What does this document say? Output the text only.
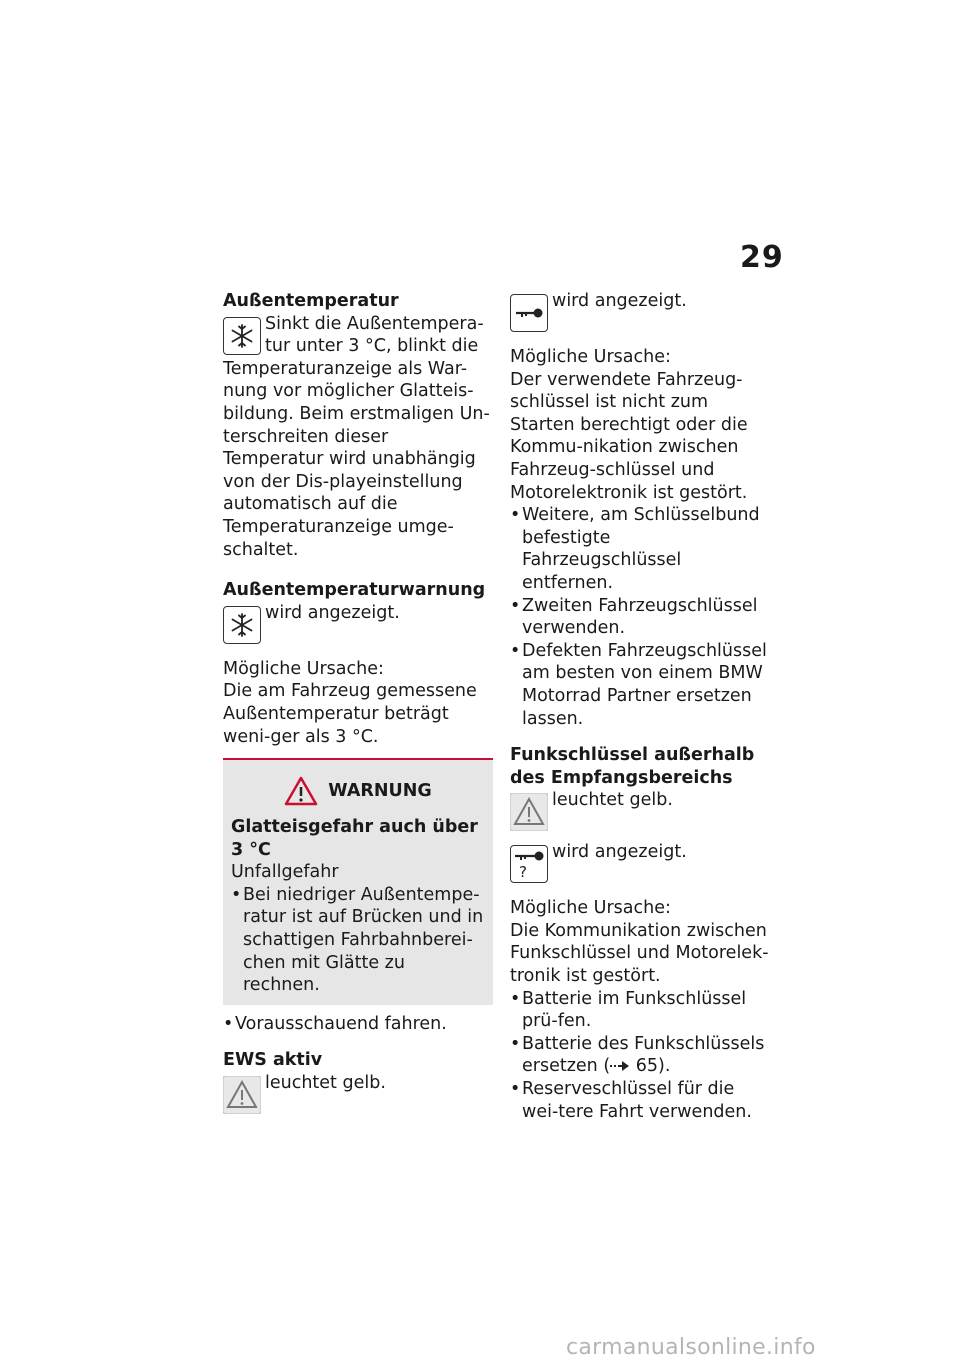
29
Außentemperatur

Sinkt die Außentempera-tur unter 3 °C, blinkt die

Temperaturanzeige als War-nung vor möglicher Glatteis-bildung. Beim erstmaligen Un-terschreiten dieser Temperatur wird unabhängig von der Dis-playeinstellung automatisch auf die Temperaturanzeige umge-schaltet.

Außentemperaturwarnung

wird angezeigt.

Mögliche Ursache:

Die am Fahrzeug gemessene Außentemperatur beträgt weni-ger als 3 °C.

WARNUNG

Glatteisgefahr auch über 3 °C

Unfallgefahr

• Bei niedriger Außentempe-ratur ist auf Brücken und in schattigen Fahrbahnberei-chen mit Glätte zu rechnen.
• Vorausschauend fahren.
EWS aktiv

leuchtet gelb.

wird angezeigt.

Mögliche Ursache:

Der verwendete Fahrzeug-schlüssel ist nicht zum Starten berechtigt oder die Kommu-nikation zwischen Fahrzeug-schlüssel und Motorelektronik ist gestört.

• Weitere, am Schlüsselbund befestigte Fahrzeugschlüssel entfernen.
• Zweiten Fahrzeugschlüssel verwenden.
• Defekten Fahrzeugschlüssel am besten von einem BMW Motorrad Partner ersetzen lassen.
Funkschlüssel außerhalb des Empfangsbereichs

leuchtet gelb.

?

wird angezeigt.

Mögliche Ursache:

Die Kommunikation zwischen Funkschlüssel und Motorelek-tronik ist gestört.

• Batterie im Funkschlüssel prü-fen.
• Batterie des Funkschlüssels ersetzen ( 65).
• Reserveschlüssel für die wei-tere Fahrt verwenden.
carmanualsonline.info
